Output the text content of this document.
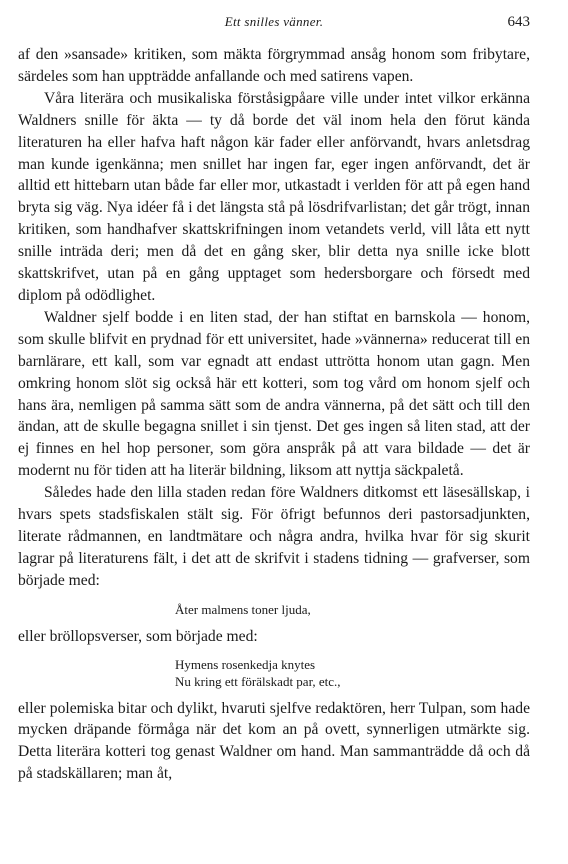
Ett snilles vänner.	643

af den »sansade» kritiken, som mäkta förgrymmad ansåg honom som fribytare, särdeles som han uppträdde anfallande och med satirens vapen.

Våra literära och musikaliska förståsigpåare ville under intet vilkor erkänna Waldners snille för äkta — ty då borde det väl inom hela den förut kända literaturen ha eller hafva haft någon kär fader eller anförvandt, hvars anletsdrag man kunde igenkänna; men snillet har ingen far, eger ingen anförvandt, det är alltid ett hittebarn utan både far eller mor, utkastadt i verlden för att på egen hand bryta sig väg. Nya idéer få i det längsta stå på lösdrifvarlistan; det går trögt, innan kritiken, som handhafver skattskrifningen inom vetandets verld, vill låta ett nytt snille inträda deri; men då det en gång sker, blir detta nya snille icke blott skattskrifvet, utan på en gång upptaget som hedersborgare och försedt med diplom på odödlighet.

Waldner sjelf bodde i en liten stad, der han stiftat en barnskola — honom, som skulle blifvit en prydnad för ett universitet, hade »vännerna» reducerat till en barnlärare, ett kall, som var egnadt att endast uttrötta honom utan gagn. Men omkring honom slöt sig också här ett kotteri, som tog vård om honom sjelf och hans ära, nemligen på samma sätt som de andra vännerna, på det sätt och till den ändan, att de skulle begagna snillet i sin tjenst. Det ges ingen så liten stad, att der ej finnes en hel hop personer, som göra anspråk på att vara bildade — det är modernt nu för tiden att ha literär bildning, liksom att nyttja säckpaletå.

Således hade den lilla staden redan före Waldners ditkomst ett läsesällskap, i hvars spets stadsfiskalen stält sig. För öfrigt befunnos deri pastorsadjunkten, literate rådmannen, en landtmätare och några andra, hvilka hvar för sig skurit lagrar på literaturens fält, i det att de skrifvit i stadens tidning — grafverser, som började med:

Åter malmens toner ljuda,

eller bröllopsverser, som började med:

Hymens rosenkedja knytes

Nu kring ett förälskadt par, etc.,

eller polemiska bitar och dylikt, hvaruti sjelfve redaktören, herr Tulpan, som hade mycken dräpande förmåga när det kom an på ovett, synnerligen utmärkte sig. Detta literära kotteri tog genast Waldner om hand. Man sammanträdde då och då på stadskällaren; man åt,
